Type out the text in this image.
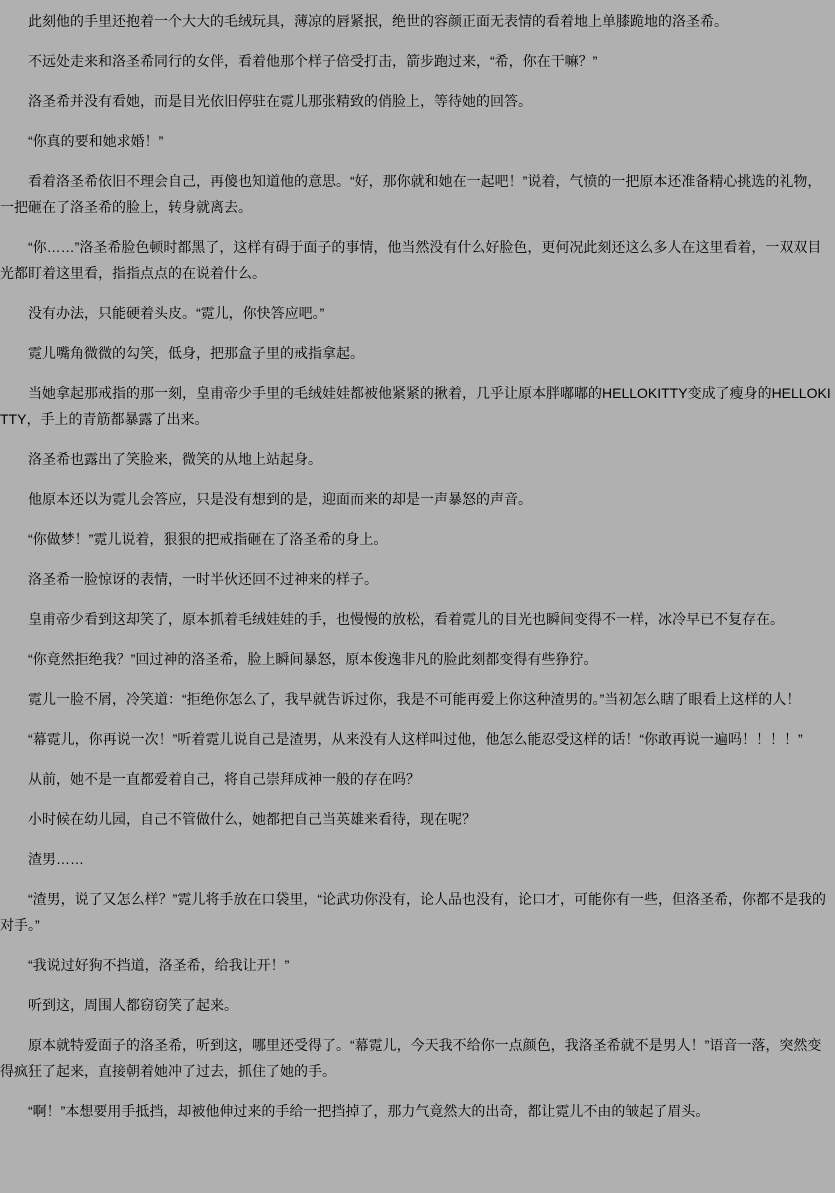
此刻他的手里还抱着一个大大的毛绒玩具，薄凉的唇紧抿，绝世的容颜正面无表情的看着地上单膝跪地的洛圣希。

不远处走来和洛圣希同行的女伴，看着他那个样子倍受打击，箭步跑过来，“希，你在干嘛？”

洛圣希并没有看她，而是目光依旧停驻在霓儿那张精致的俏脸上，等待她的回答。

“你真的要和她求婚！”

看着洛圣希依旧不理会自己，再傻也知道他的意思。“好，那你就和她在一起吧！”说着，气愤的一把原本还准备精心挑选的礼物，一把砸在了洛圣希的脸上，转身就离去。

“你……”洛圣希脸色顿时都黑了，这样有碍于面子的事情，他当然没有什么好脸色，更何况此刻还这么多人在这里看着，一双双目光都盯着这里看，指指点点的在说着什么。

没有办法，只能硬着头皮。“霓儿，你快答应吧。”

霓儿嘴角微微的勾笑，低身，把那盒子里的戒指拿起。

当她拿起那戒指的那一刻，皇甫帝少手里的毛绒娃娃都被他紧紧的揪着，几乎让原本胖嘟嘟的HELLOKITTY变成了瘦身的HELLOKITTY，手上的青筋都暴露了出来。

洛圣希也露出了笑脸来，微笑的从地上站起身。

他原本还以为霓儿会答应，只是没有想到的是，迎面而来的却是一声暴怒的声音。

“你做梦！”霓儿说着，狠狠的把戒指砸在了洛圣希的身上。

洛圣希一脸惊讶的表情，一时半伙还回不过神来的样子。

皇甫帝少看到这却笑了，原本抓着毛绒娃娃的手，也慢慢的放松，看着霓儿的目光也瞬间变得不一样，冰冷早已不复存在。

“你竟然拒绝我？”回过神的洛圣希，脸上瞬间暴怒，原本俊逸非凡的脸此刻都变得有些狰狞。

霓儿一脸不屑，冷笑道：“拒绝你怎么了，我早就告诉过你，我是不可能再爱上你这种渣男的。”当初怎么瞎了眼看上这样的人！

“幕霓儿，你再说一次！”听着霓儿说自己是渣男，从来没有人这样叫过他，他怎么能忍受这样的话！“你敢再说一遍吗！！！！”

从前，她不是一直都爱着自己，将自己崇拜成神一般的存在吗？

小时候在幼儿园，自己不管做什么，她都把自己当英雄来看待，现在呢？

渣男……

“渣男，说了又怎么样？”霓儿将手放在口袋里，“论武功你没有，论人品也没有，论口才，可能你有一些，但洛圣希，你都不是我的对手。”

“我说过好狗不挡道，洛圣希，给我让开！”

听到这，周围人都窃窃笑了起来。

原本就特爱面子的洛圣希，听到这，哪里还受得了。“幕霓儿，今天我不给你一点颜色，我洛圣希就不是男人！”语音一落，突然变得疯狂了起来，直接朝着她冲了过去，抓住了她的手。

“啊！”本想要用手抵挡，却被他伸过来的手给一把挡掉了，那力气竟然大的出奇，都让霓儿不由的皱起了眉头。
